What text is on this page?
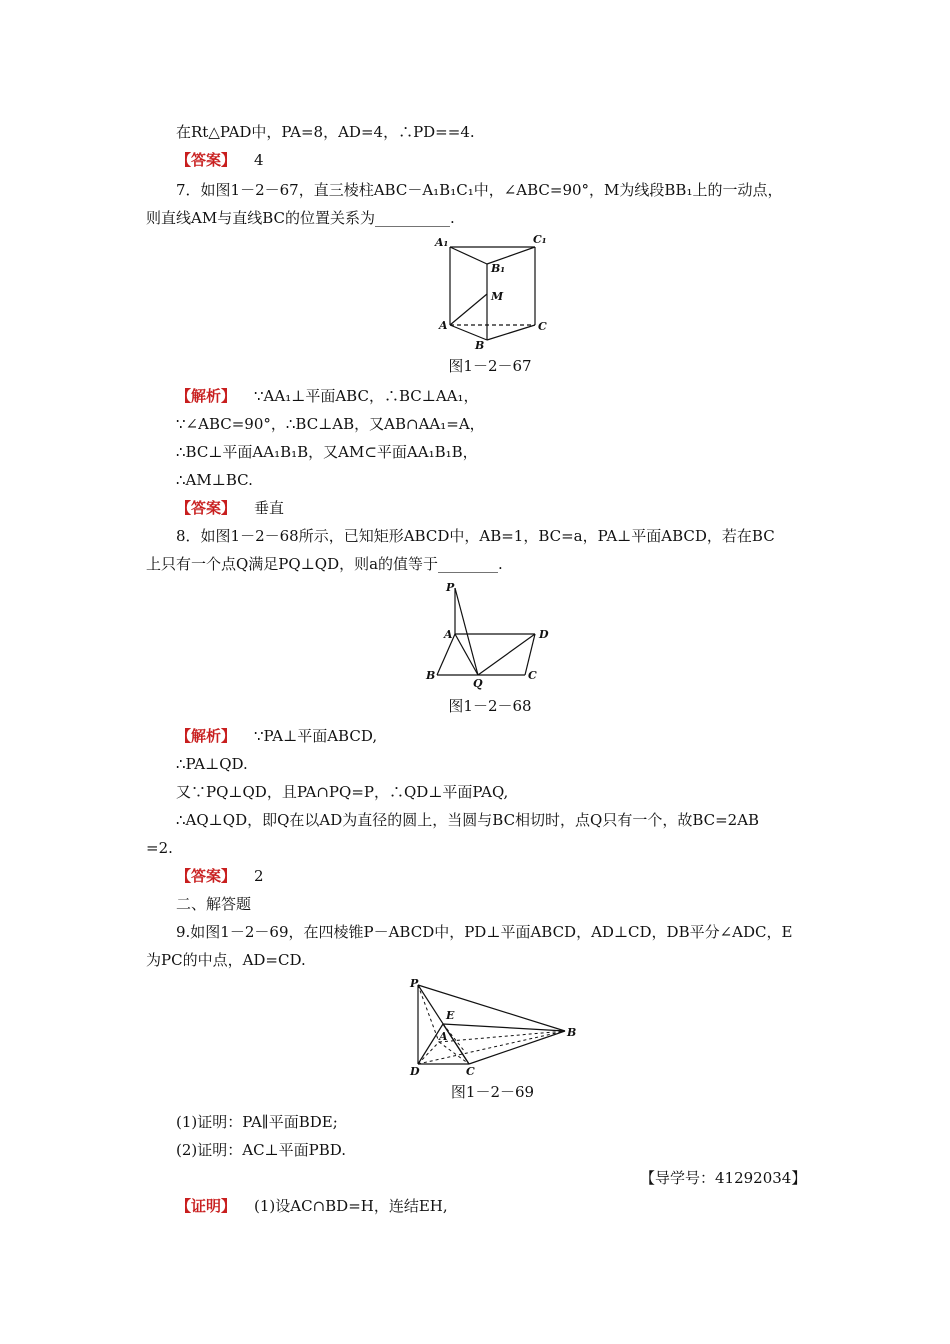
在Rt△PAD中，PA=8，AD=4，∴PD==4.
【答案】 4
7．如图1－2－67，直三棱柱ABC－A₁B₁C₁中，∠ABC=90°，M为线段BB₁上的一动点，
则直线AM与直线BC的位置关系为__________.
A₁	C₁
B₁
M
A	C
B
图1－2－67
【解析】 ∵AA₁⊥平面ABC，∴BC⊥AA₁，
∵∠ABC=90°，∴BC⊥AB，又AB∩AA₁=A，
∴BC⊥平面AA₁B₁B，又AM⊂平面AA₁B₁B，
∴AM⊥BC.
【答案】 垂直
8．如图1－2－68所示，已知矩形ABCD中，AB=1，BC=a，PA⊥平面ABCD，若在BC
上只有一个点Q满足PQ⊥QD，则a的值等于________.
P
A	D
B
Q
C
图1－2－68
【解析】 ∵PA⊥平面ABCD,
∴PA⊥QD.
又∵PQ⊥QD，且PA∩PQ=P，∴QD⊥平面PAQ,
∴AQ⊥QD，即Q在以AD为直径的圆上，当圆与BC相切时，点Q只有一个，故BC=2AB
=2.
【答案】 2
二、解答题
9.如图1－2－69，在四棱锥P－ABCD中，PD⊥平面ABCD，AD⊥CD，DB平分∠ADC，E
为PC的中点，AD=CD.
P
E
A	B
D	C
图1－2－69
(1)证明：PA∥平面BDE;
(2)证明：AC⊥平面PBD.
【导学号：41292034】
【证明】 (1)设AC∩BD=H，连结EH,
